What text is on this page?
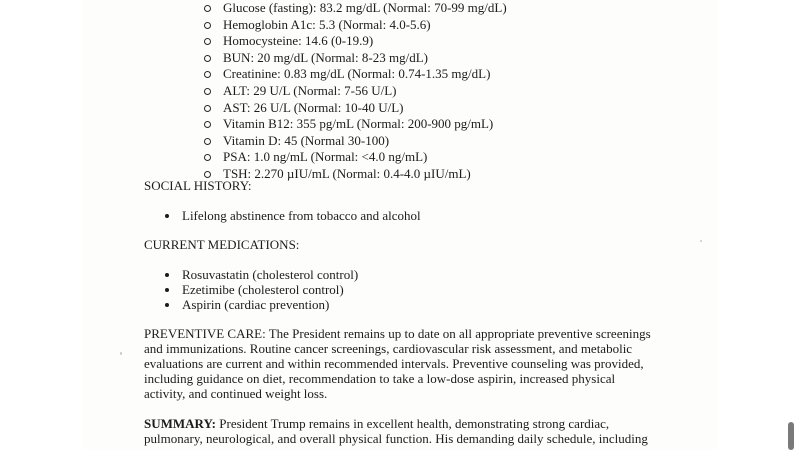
Glucose (fasting): 83.2 mg/dL (Normal: 70-99 mg/dL)
Hemoglobin A1c: 5.3 (Normal: 4.0-5.6)
Homocysteine: 14.6 (0-19.9)
BUN: 20 mg/dL (Normal: 8-23 mg/dL)
Creatinine: 0.83 mg/dL (Normal: 0.74-1.35 mg/dL)
ALT: 29 U/L (Normal: 7-56 U/L)
AST: 26 U/L (Normal: 10-40 U/L)
Vitamin B12: 355 pg/mL (Normal: 200-900 pg/mL)
Vitamin D: 45 (Normal 30-100)
PSA: 1.0 ng/mL (Normal: <4.0 ng/mL)
TSH: 2.270 µIU/mL (Normal: 0.4-4.0 µIU/mL)
SOCIAL HISTORY:
Lifelong abstinence from tobacco and alcohol
CURRENT MEDICATIONS:
Rosuvastatin (cholesterol control)
Ezetimibe (cholesterol control)
Aspirin (cardiac prevention)

PREVENTIVE CARE: The President remains up to date on all appropriate preventive screenings
and immunizations. Routine cancer screenings, cardiovascular risk assessment, and metabolic
evaluations are current and within recommended intervals. Preventive counseling was provided,
including guidance on diet, recommendation to take a low-dose aspirin, increased physical
activity, and continued weight loss.

SUMMARY: President Trump remains in excellent health, demonstrating strong cardiac,
pulmonary, neurological, and overall physical function. His demanding daily schedule, including
